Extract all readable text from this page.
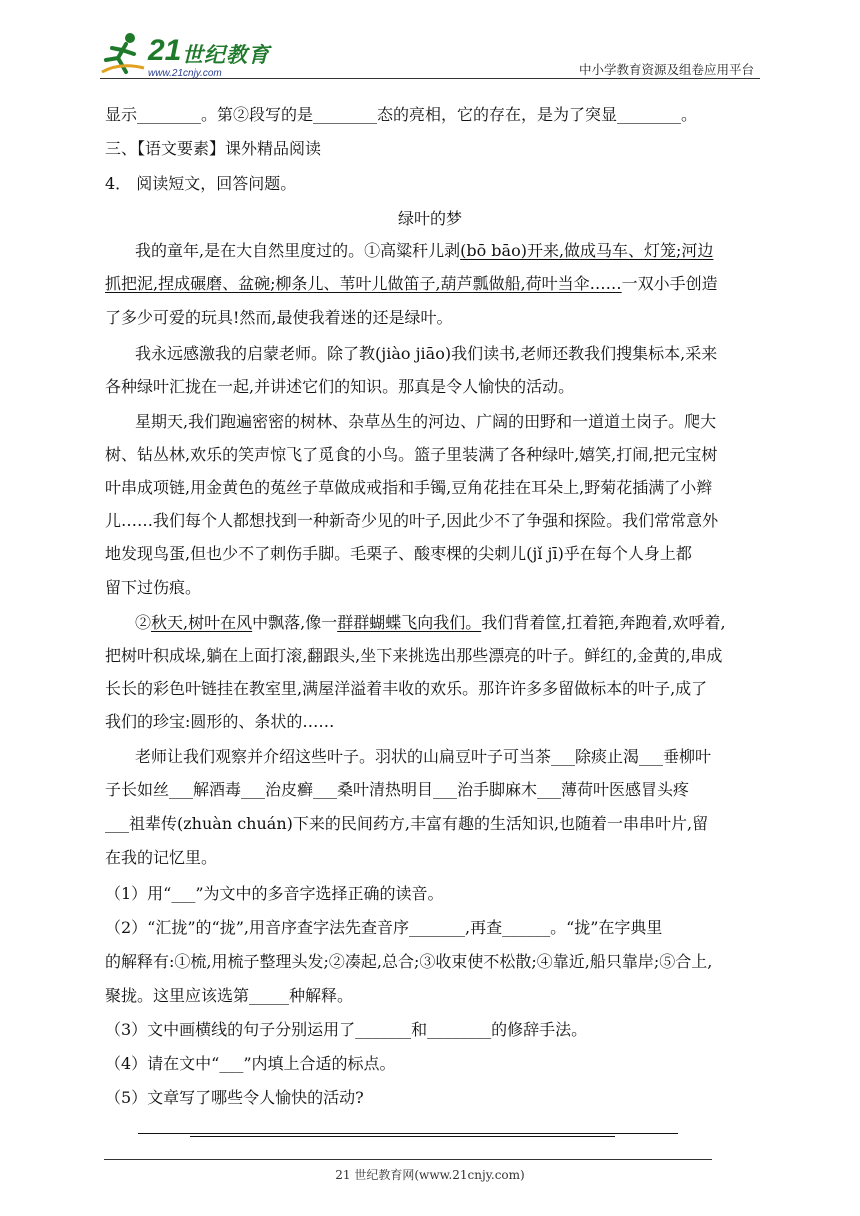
21 世纪教育
www.21cnjy.com	中小学教育资源及组卷应用平台
显示________。第②段写的是________态的亮相，它的存在，是为了突显________。
三、【语文要素】课外精品阅读
4． 阅读短文，回答问题。
绿叶的梦
我的童年,是在大自然里度过的。①高粱秆儿剥(bō bāo)开来,做成马车、灯笼;河边
抓把泥,捏成碾磨、盆碗;柳条儿、苇叶儿做笛子,葫芦瓢做船,荷叶当伞……一双小手创造
了多少可爱的玩具!然而,最使我着迷的还是绿叶。
我永远感激我的启蒙老师。除了教(jiào jiāo)我们读书,老师还教我们搜集标本,采来
各种绿叶汇拢在一起,并讲述它们的知识。那真是令人愉快的活动。
星期天,我们跑遍密密的树林、杂草丛生的河边、广阔的田野和一道道土岗子。爬大
树、钻丛林,欢乐的笑声惊飞了觅食的小鸟。篮子里装满了各种绿叶,嬉笑,打闹,把元宝树
叶串成项链,用金黄色的菟丝子草做成戒指和手镯,豆角花挂在耳朵上,野菊花插满了小辫
儿……我们每个人都想找到一种新奇少见的叶子,因此少不了争强和探险。我们常常意外
地发现鸟蛋,但也少不了刺伤手脚。毛栗子、酸枣棵的尖刺儿(jǐ jī)乎在每个人身上都
留下过伤痕。
②秋天,树叶在风中飘落,像一群群蝴蝶飞向我们。我们背着筐,扛着筢,奔跑着,欢呼着,
把树叶积成垛,躺在上面打滚,翻跟头,坐下来挑选出那些漂亮的叶子。鲜红的,金黄的,串成
长长的彩色叶链挂在教室里,满屋洋溢着丰收的欢乐。那许许多多留做标本的叶子,成了
我们的珍宝:圆形的、条状的……
老师让我们观察并介绍这些叶子。羽状的山扁豆叶子可当茶___除痰止渴___垂柳叶
子长如丝___解酒毒___治皮癣___桑叶清热明目___治手脚麻木___薄荷叶医感冒头疼
___祖辈传(zhuàn chuán)下来的民间药方,丰富有趣的生活知识,也随着一串串叶片,留
在我的记忆里。
（1）用“___”为文中的多音字选择正确的读音。
（2）“汇拢”的“拢”,用音序查字法先查音序_______,再查______。“拢”在字典里
的解释有:①梳,用梳子整理头发;②凑起,总合;③收束使不松散;④靠近,船只靠岸;⑤合上,
聚拢。这里应该选第_____种解释。
（3）文中画横线的句子分别运用了_______和________的修辞手法。
（4）请在文中“___”内填上合适的标点。
（5）文章写了哪些令人愉快的活动?
21 世纪教育网(www.21cnjy.com)
